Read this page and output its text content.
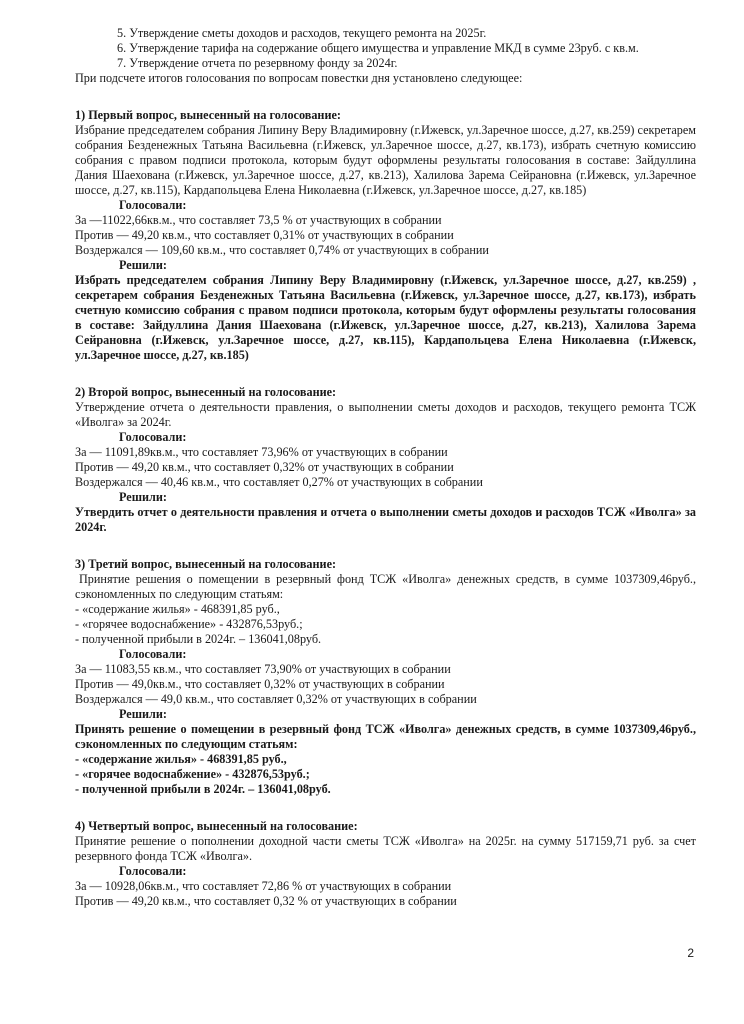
5. Утверждение сметы доходов и расходов, текущего ремонта на 2025г.

6. Утверждение тарифа на содержание общего имущества и управление МКД в сумме 23руб. с кв.м.

7. Утверждение отчета по резервному фонду за 2024г.

При подсчете итогов голосования по вопросам повестки дня установлено следующее:

1) Первый вопрос, вынесенный на голосование:

Избрание председателем собрания Липину Веру Владимировну (г.Ижевск, ул.Заречное шоссе, д.27, кв.259) секретарем собрания Безденежных Татьяна Васильевна (г.Ижевск, ул.Заречное шоссе, д.27, кв.173), избрать счетную комиссию собрания с правом подписи протокола, которым будут оформлены результаты голосования в составе: Зайдуллина Дания Шаехована (г.Ижевск, ул.Заречное шоссе, д.27, кв.213), Халилова Зарема Сейрановна (г.Ижевск, ул.Заречное шоссе, д.27, кв.115), Кардапольцева Елена Николаевна (г.Ижевск, ул.Заречное шоссе, д.27, кв.185)

Голосовали:

За —11022,66кв.м., что составляет 73,5 % от участвующих в собрании

Против — 49,20 кв.м., что составляет 0,31% от участвующих в собрании

Воздержался — 109,60 кв.м., что составляет 0,74% от участвующих в собрании

Решили:

Избрать председателем собрания Липину Веру Владимировну (г.Ижевск, ул.Заречное шоссе, д.27, кв.259) , секретарем собрания Безденежных Татьяна Васильевна (г.Ижевск, ул.Заречное шоссе, д.27, кв.173), избрать счетную комиссию собрания с правом подписи протокола, которым будут оформлены результаты голосования в составе: Зайдуллина Дания Шаехована (г.Ижевск, ул.Заречное шоссе, д.27, кв.213), Халилова Зарема Сейрановна (г.Ижевск, ул.Заречное шоссе, д.27, кв.115), Кардапольцева Елена Николаевна (г.Ижевск, ул.Заречное шоссе, д.27, кв.185)

2) Второй вопрос, вынесенный на голосование:

Утверждение отчета о деятельности правления, о выполнении сметы доходов и расходов, текущего ремонта ТСЖ «Иволга» за 2024г.

Голосовали:

За — 11091,89кв.м., что составляет 73,96% от участвующих в собрании

Против — 49,20 кв.м., что составляет 0,32% от участвующих в собрании

Воздержался — 40,46 кв.м., что составляет 0,27% от участвующих в собрании

Решили:

Утвердить отчет о деятельности правления и отчета о выполнении сметы доходов и расходов ТСЖ «Иволга» за 2024г.

3) Третий вопрос, вынесенный на голосование:

Принятие решения о помещении в резервный фонд ТСЖ «Иволга» денежных средств, в сумме 1037309,46руб., сэкономленных по следующим статьям:

- «содержание жилья» - 468391,85 руб.,

- «горячее водоснабжение» - 432876,53руб.;

- полученной прибыли в 2024г. – 136041,08руб.

Голосовали:

За — 11083,55 кв.м., что составляет 73,90% от участвующих в собрании

Против — 49,0кв.м., что составляет 0,32% от участвующих в собрании

Воздержался — 49,0 кв.м., что составляет 0,32% от участвующих в собрании

Решили:

Принять решение о помещении в резервный фонд ТСЖ «Иволга» денежных средств, в сумме 1037309,46руб., сэкономленных по следующим статьям:

- «содержание жилья» - 468391,85 руб.,

- «горячее водоснабжение» - 432876,53руб.;

- полученной прибыли в 2024г. – 136041,08руб.

4) Четвертый вопрос, вынесенный на голосование:

Принятие решение о пополнении доходной части сметы ТСЖ «Иволга» на 2025г. на сумму 517159,71 руб. за счет резервного фонда ТСЖ «Иволга».

Голосовали:

За — 10928,06кв.м., что составляет 72,86 % от участвующих в собрании

Против — 49,20 кв.м., что составляет 0,32 % от участвующих в собрании

2
